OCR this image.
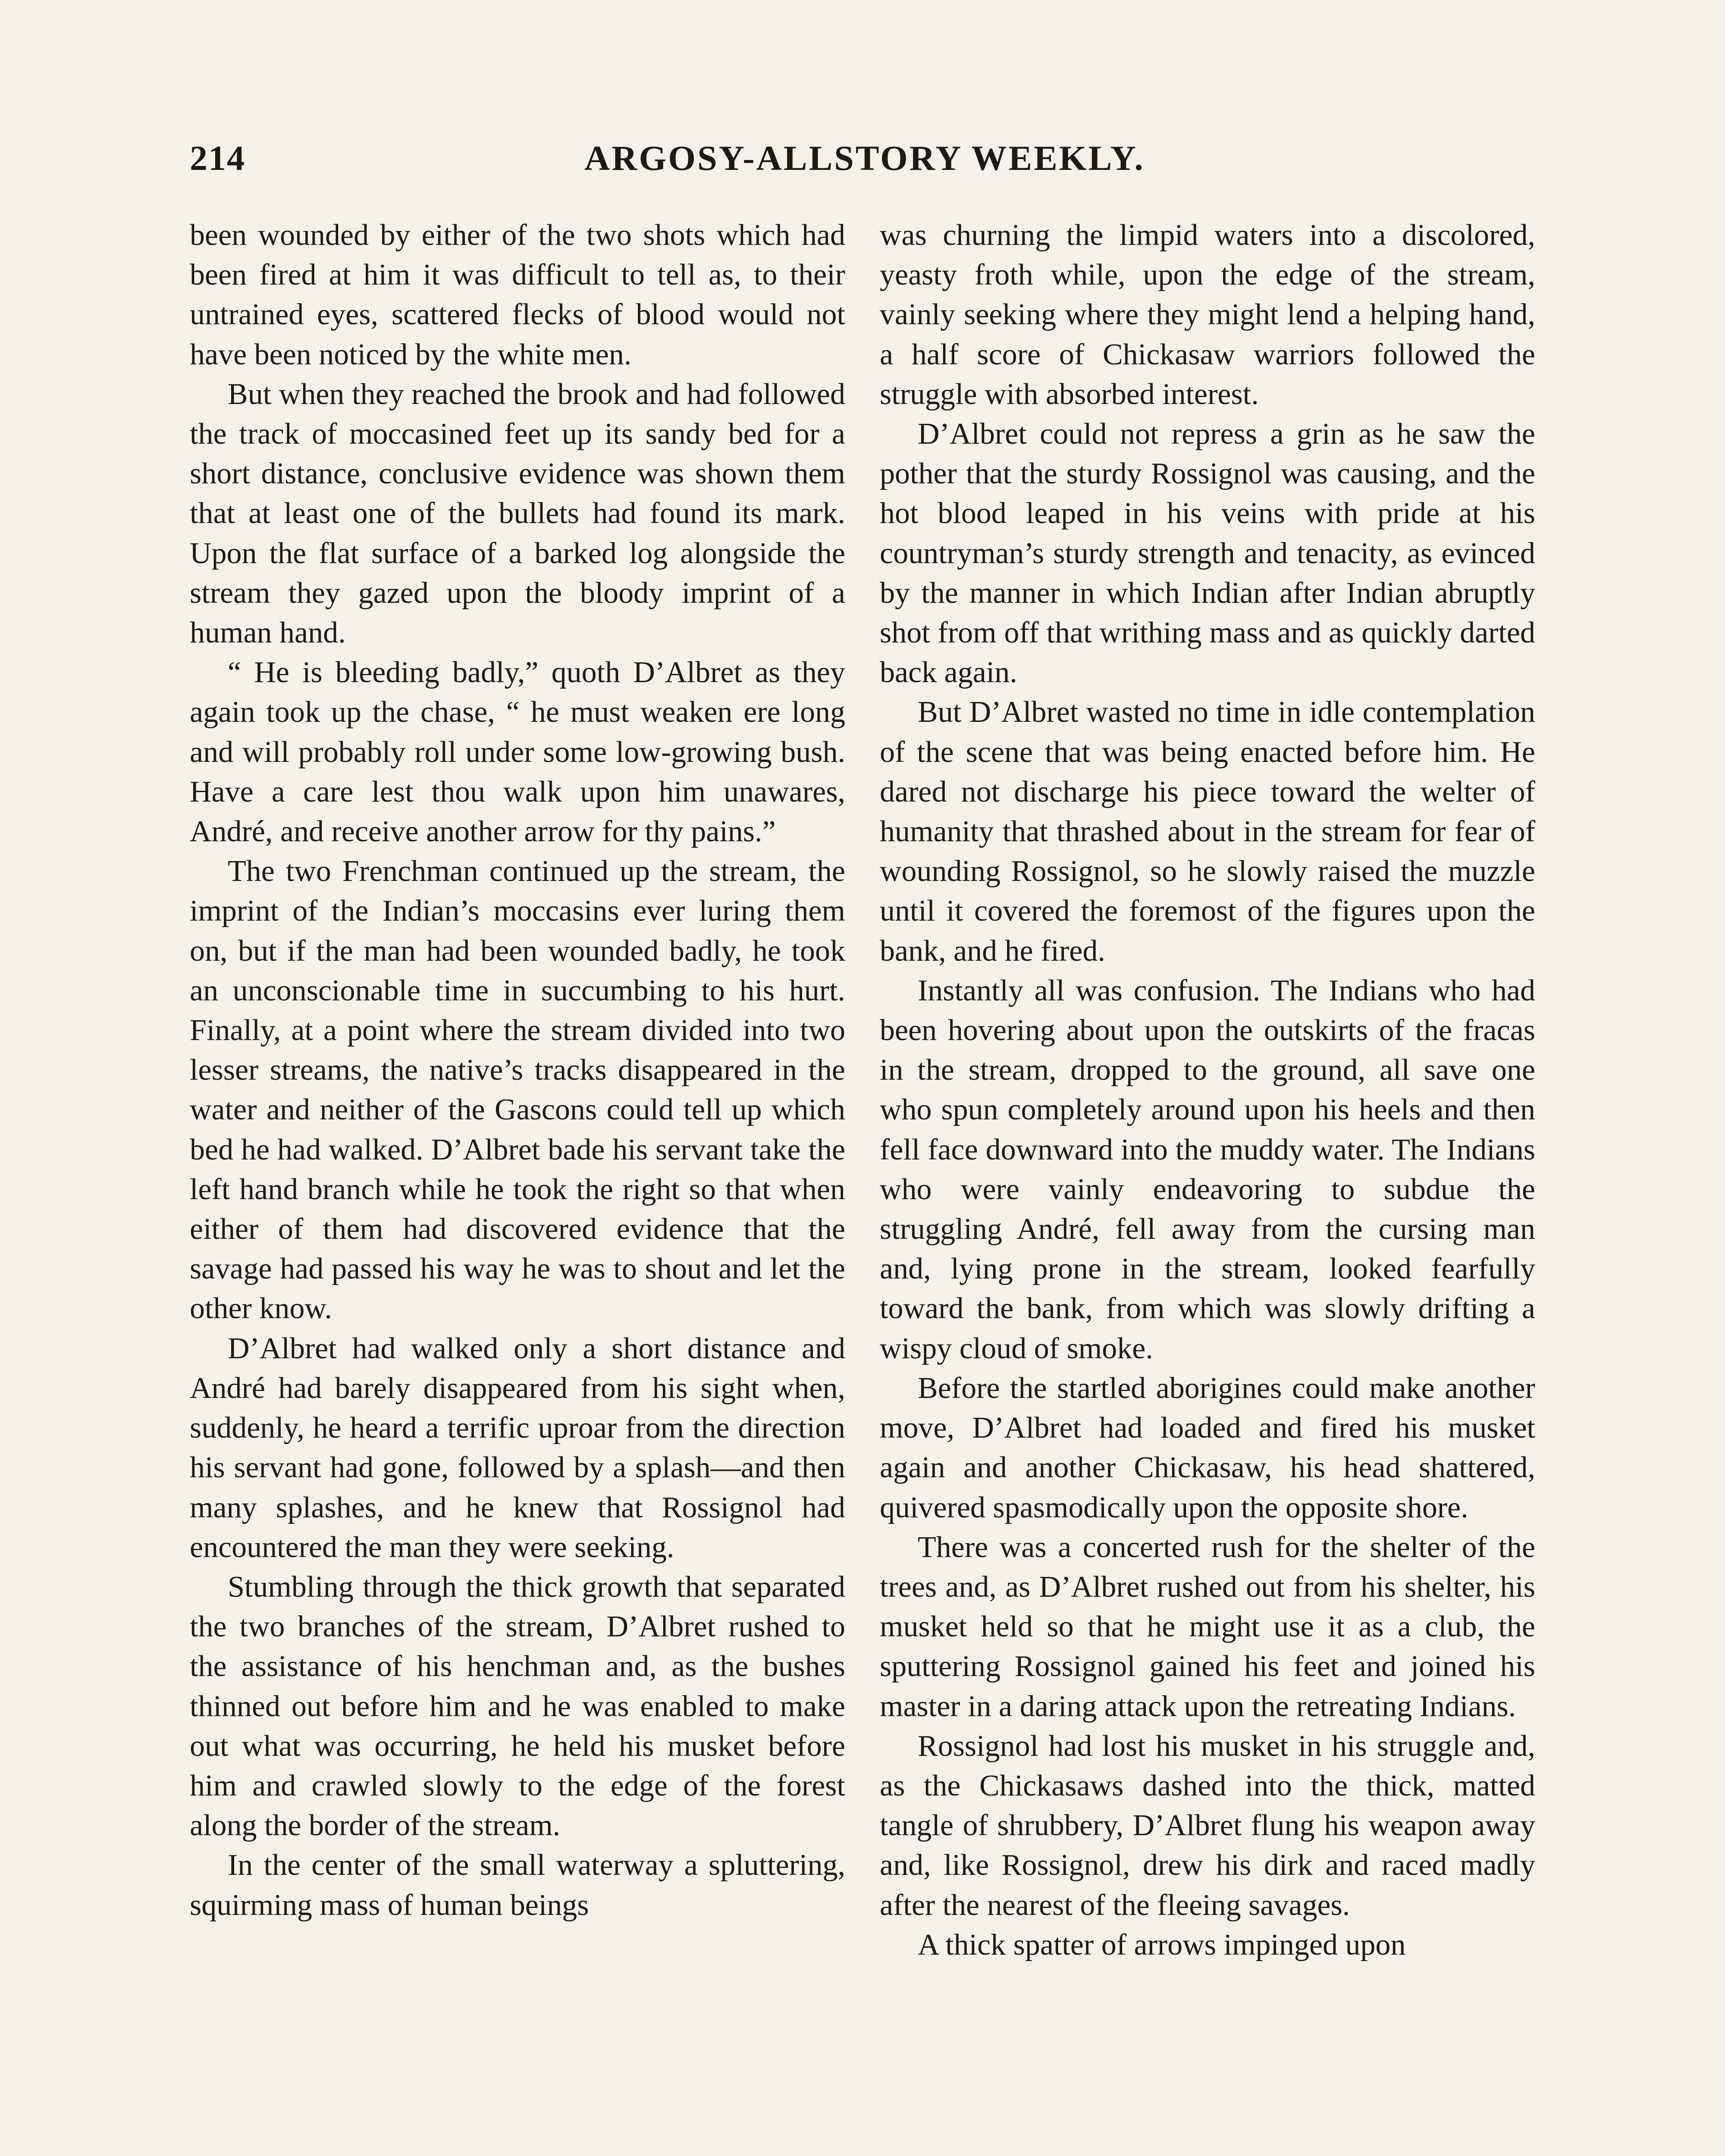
214	ARGOSY-ALLSTORY WEEKLY.

been wounded by either of the two shots which had been fired at him it was difficult to tell as, to their untrained eyes, scattered flecks of blood would not have been noticed by the white men.

But when they reached the brook and had followed the track of moccasined feet up its sandy bed for a short distance, conclusive evidence was shown them that at least one of the bullets had found its mark. Upon the flat surface of a barked log alongside the stream they gazed upon the bloody imprint of a human hand.

“ He is bleeding badly,” quoth D’Albret as they again took up the chase, “ he must weaken ere long and will probably roll under some low-growing bush. Have a care lest thou walk upon him unawares, André, and receive another arrow for thy pains.”

The two Frenchman continued up the stream, the imprint of the Indian’s moccasins ever luring them on, but if the man had been wounded badly, he took an unconscionable time in succumbing to his hurt. Finally, at a point where the stream divided into two lesser streams, the native’s tracks disappeared in the water and neither of the Gascons could tell up which bed he had walked. D’Albret bade his servant take the left hand branch while he took the right so that when either of them had discovered evidence that the savage had passed his way he was to shout and let the other know.

D’Albret had walked only a short distance and André had barely disappeared from his sight when, suddenly, he heard a terrific uproar from the direction his servant had gone, followed by a splash—and then many splashes, and he knew that Rossignol had encountered the man they were seeking.

Stumbling through the thick growth that separated the two branches of the stream, D’Albret rushed to the assistance of his henchman and, as the bushes thinned out before him and he was enabled to make out what was occurring, he held his musket before him and crawled slowly to the edge of the forest along the border of the stream.

In the center of the small waterway a spluttering, squirming mass of human beings

was churning the limpid waters into a discolored, yeasty froth while, upon the edge of the stream, vainly seeking where they might lend a helping hand, a half score of Chickasaw warriors followed the struggle with absorbed interest.

D’Albret could not repress a grin as he saw the pother that the sturdy Rossignol was causing, and the hot blood leaped in his veins with pride at his countryman’s sturdy strength and tenacity, as evinced by the manner in which Indian after Indian abruptly shot from off that writhing mass and as quickly darted back again.

But D’Albret wasted no time in idle contemplation of the scene that was being enacted before him. He dared not discharge his piece toward the welter of humanity that thrashed about in the stream for fear of wounding Rossignol, so he slowly raised the muzzle until it covered the foremost of the figures upon the bank, and he fired.

Instantly all was confusion. The Indians who had been hovering about upon the outskirts of the fracas in the stream, dropped to the ground, all save one who spun completely around upon his heels and then fell face downward into the muddy water. The Indians who were vainly endeavoring to subdue the struggling André, fell away from the cursing man and, lying prone in the stream, looked fearfully toward the bank, from which was slowly drifting a wispy cloud of smoke.

Before the startled aborigines could make another move, D’Albret had loaded and fired his musket again and another Chickasaw, his head shattered, quivered spasmodically upon the opposite shore.

There was a concerted rush for the shelter of the trees and, as D’Albret rushed out from his shelter, his musket held so that he might use it as a club, the sputtering Rossignol gained his feet and joined his master in a daring attack upon the retreating Indians.

Rossignol had lost his musket in his struggle and, as the Chickasaws dashed into the thick, matted tangle of shrubbery, D’Albret flung his weapon away and, like Rossignol, drew his dirk and raced madly after the nearest of the fleeing savages.

A thick spatter of arrows impinged upon
